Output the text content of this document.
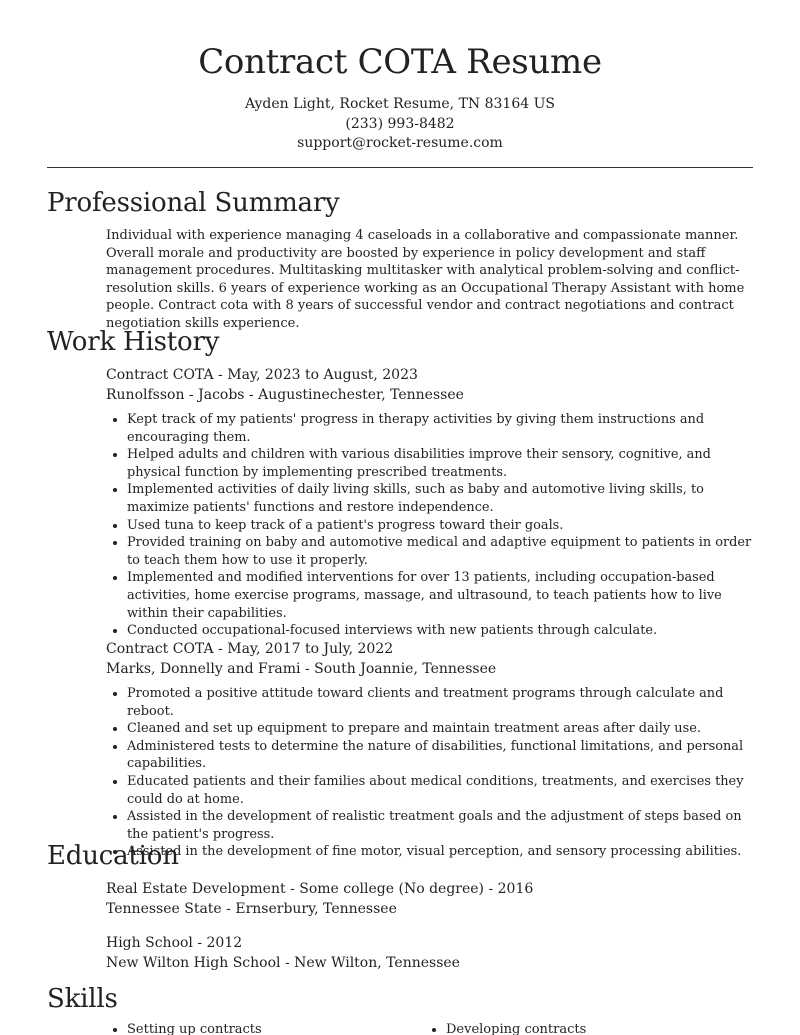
Contract COTA Resume
Ayden Light, Rocket Resume, TN 83164 US
(233) 993-8482
support@rocket-resume.com
Professional Summary
Individual with experience managing 4 caseloads in a collaborative and compassionate manner. Overall morale and productivity are boosted by experience in policy development and staff management procedures. Multitasking multitasker with analytical problem-solving and conflict-resolution skills. 6 years of experience working as an Occupational Therapy Assistant with home people. Contract cota with 8 years of successful vendor and contract negotiations and contract negotiation skills experience.
Work History
Contract COTA - May, 2023 to August, 2023
Runolfsson - Jacobs - Augustinechester, Tennessee
• Kept track of my patients' progress in therapy activities by giving them instructions and encouraging them.
• Helped adults and children with various disabilities improve their sensory, cognitive, and physical function by implementing prescribed treatments.
• Implemented activities of daily living skills, such as baby and automotive living skills, to maximize patients' functions and restore independence.
• Used tuna to keep track of a patient's progress toward their goals.
• Provided training on baby and automotive medical and adaptive equipment to patients in order to teach them how to use it properly.
• Implemented and modified interventions for over 13 patients, including occupation-based activities, home exercise programs, massage, and ultrasound, to teach patients how to live within their capabilities.
• Conducted occupational-focused interviews with new patients through calculate.
Contract COTA - May, 2017 to July, 2022
Marks, Donnelly and Frami - South Joannie, Tennessee
• Promoted a positive attitude toward clients and treatment programs through calculate and reboot.
• Cleaned and set up equipment to prepare and maintain treatment areas after daily use.
• Administered tests to determine the nature of disabilities, functional limitations, and personal capabilities.
• Educated patients and their families about medical conditions, treatments, and exercises they could do at home.
• Assisted in the development of realistic treatment goals and the adjustment of steps based on the patient's progress.
• Assisted in the development of fine motor, visual perception, and sensory processing abilities.
Education
Real Estate Development - Some college (No degree) - 2016
Tennessee State - Ernserbury, Tennessee
High School - 2012
New Wilton High School - New Wilton, Tennessee
Skills
• Setting up contracts
•	Developing contracts
